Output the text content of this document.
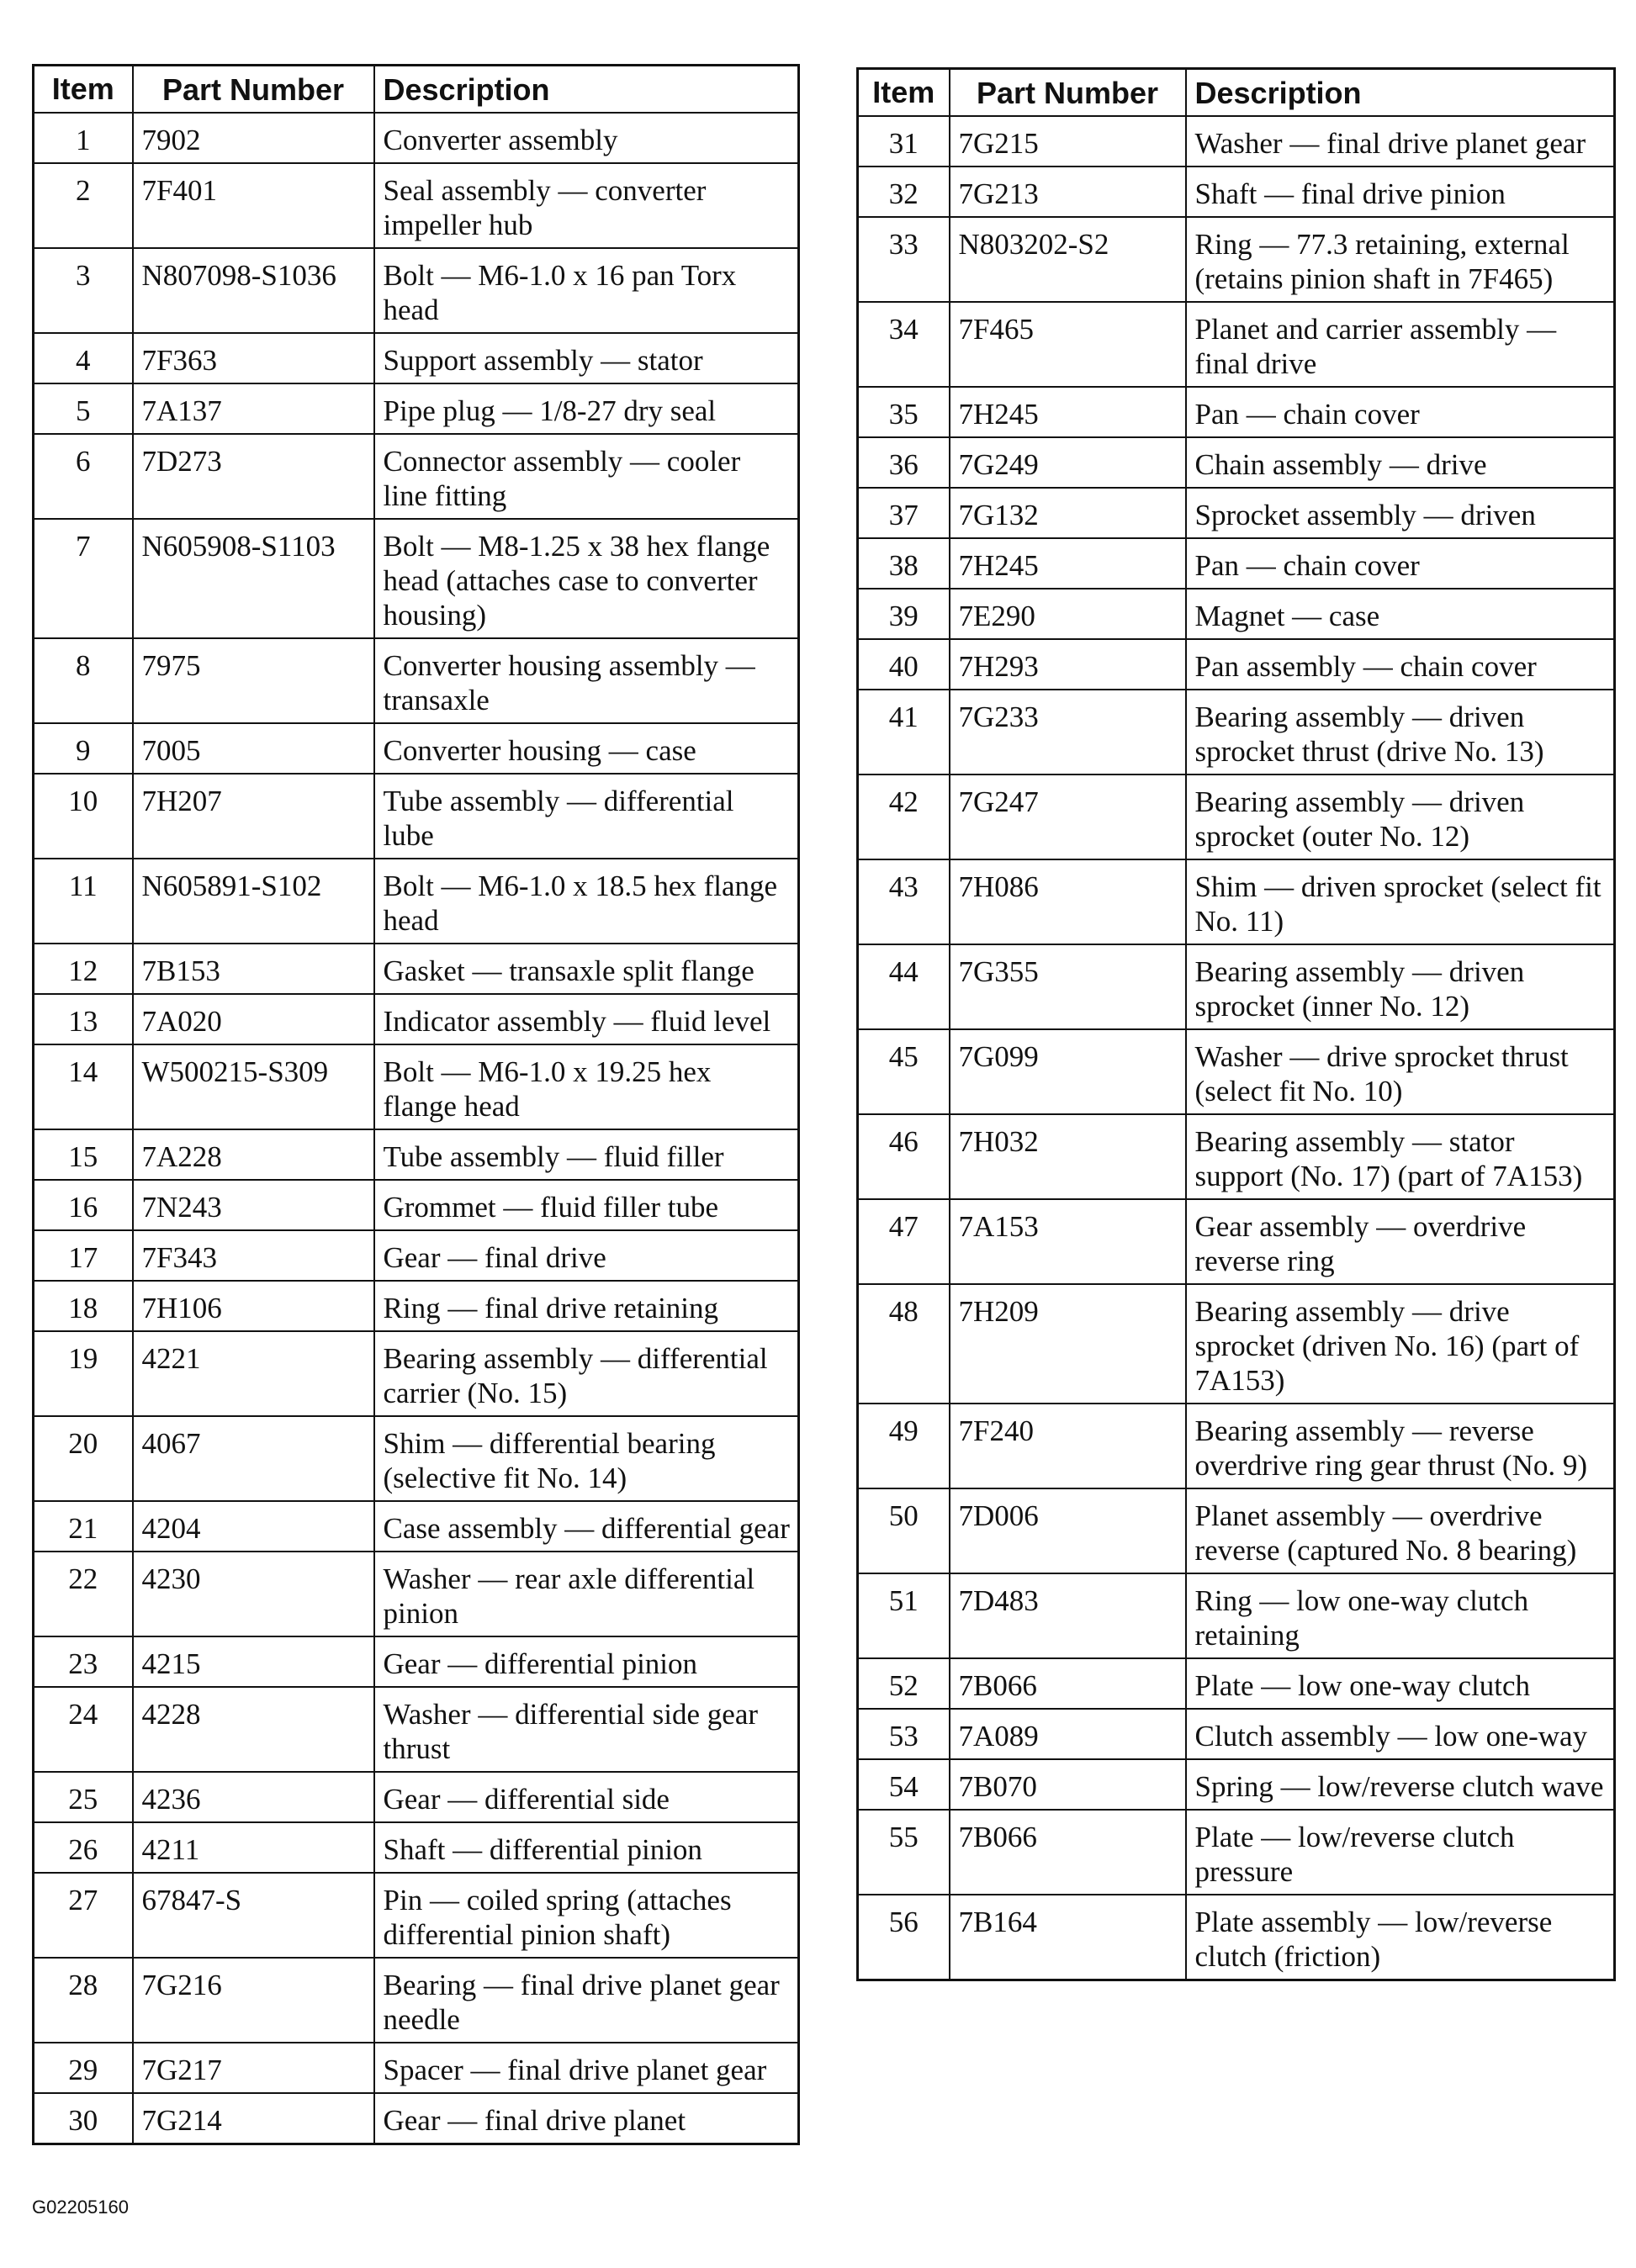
Item	Part Number	Description
1	7902	Converter assembly
2	7F401	Seal assembly — converter impeller hub
3	N807098-S1036	Bolt — M6-1.0 x 16 pan Torx head
4	7F363	Support assembly — stator
5	7A137	Pipe plug — 1/8-27 dry seal
6	7D273	Connector assembly — cooler line fitting
7	N605908-S1103	Bolt — M8-1.25 x 38 hex flange head (attaches case to converter housing)
8	7975	Converter housing assembly — transaxle
9	7005	Converter housing — case
10	7H207	Tube assembly — differential lube
11	N605891-S102	Bolt — M6-1.0 x 18.5 hex flange head
12	7B153	Gasket — transaxle split flange
13	7A020	Indicator assembly — fluid level
14	W500215-S309	Bolt — M6-1.0 x 19.25 hex flange head
15	7A228	Tube assembly — fluid filler
16	7N243	Grommet — fluid filler tube
17	7F343	Gear — final drive
18	7H106	Ring — final drive retaining
19	4221	Bearing assembly — differential carrier (No. 15)
20	4067	Shim — differential bearing (selective fit No. 14)
21	4204	Case assembly — differential gear
22	4230	Washer — rear axle differential pinion
23	4215	Gear — differential pinion
24	4228	Washer — differential side gear thrust
25	4236	Gear — differential side
26	4211	Shaft — differential pinion
27	67847-S	Pin — coiled spring (attaches differential pinion shaft)
28	7G216	Bearing — final drive planet gear needle
29	7G217	Spacer — final drive planet gear
30	7G214	Gear — final drive planet
Item	Part Number	Description
31	7G215	Washer — final drive planet gear
32	7G213	Shaft — final drive pinion
33	N803202-S2	Ring — 77.3 retaining, external (retains pinion shaft in 7F465)
34	7F465	Planet and carrier assembly — final drive
35	7H245	Pan — chain cover
36	7G249	Chain assembly — drive
37	7G132	Sprocket assembly — driven
38	7H245	Pan — chain cover
39	7E290	Magnet — case
40	7H293	Pan assembly — chain cover
41	7G233	Bearing assembly — driven sprocket thrust (drive No. 13)
42	7G247	Bearing assembly — driven sprocket (outer No. 12)
43	7H086	Shim — driven sprocket (select fit No. 11)
44	7G355	Bearing assembly — driven sprocket (inner No. 12)
45	7G099	Washer — drive sprocket thrust (select fit No. 10)
46	7H032	Bearing assembly — stator support (No. 17) (part of 7A153)
47	7A153	Gear assembly — overdrive reverse ring
48	7H209	Bearing assembly — drive sprocket (driven No. 16) (part of 7A153)
49	7F240	Bearing assembly — reverse overdrive ring gear thrust (No. 9)
50	7D006	Planet assembly — overdrive reverse (captured No. 8 bearing)
51	7D483	Ring — low one-way clutch retaining
52	7B066	Plate — low one-way clutch
53	7A089	Clutch assembly — low one-way
54	7B070	Spring — low/reverse clutch wave
55	7B066	Plate — low/reverse clutch pressure
56	7B164	Plate assembly — low/reverse clutch (friction)
G02205160
